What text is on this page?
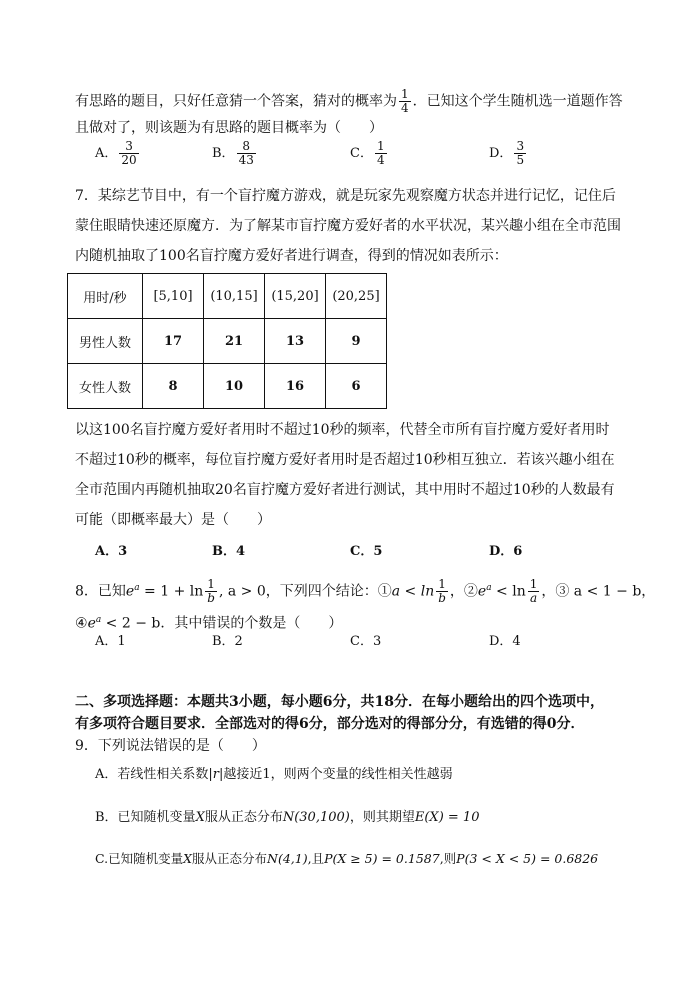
有思路的题目，只好任意猜一个答案，猜对的概率为 $\frac{1}{4}$ ．已知这个学生随机选一道题作答
且做对了，则该题为有思路的题目概率为（　　）
A． $\frac{3}{20}$	B． $\frac{8}{43}$	C． $\frac{1}{4}$	D． $\frac{3}{5}$
7．某综艺节目中，有一个盲拧魔方游戏，就是玩家先观察魔方状态并进行记忆，记住后
蒙住眼睛快速还原魔方．为了解某市盲拧魔方爱好者的水平状况，某兴趣小组在全市范围
内随机抽取了100名盲拧魔方爱好者进行调查，得到的情况如表所示：
用时/秒	[5,10]	(10,15]	(15,20]	(20,25]
男性人数	17	21	13	9
女性人数	8	10	16	6
以这100名盲拧魔方爱好者用时不超过10秒的频率，代替全市所有盲拧魔方爱好者用时
不超过10秒的概率，每位盲拧魔方爱好者用时是否超过10秒相互独立．若该兴趣小组在
全市范围内再随机抽取20名盲拧魔方爱好者进行测试，其中用时不超过10秒的人数最有
可能（即概率最大）是（　　）
A．3	B．4	C．5	D．6
8．已知$e^a = 1 + \ln \frac{1}{b}$ , a > 0，下列四个结论：①a < $\ln \frac{1}{b}$ ，$②e^a < \ln \frac{1}{a}$ ，③ a < 1 − b，
$④e^a < 2 - b$．其中错误的个数是（　　）
A．1	B．2	C．3	D．4
二、多项选择题：本题共3小题，每小题6分，共18分．在每小题给出的四个选项中，
有多项符合题目要求．全部选对的得6分，部分选对的得部分分，有选错的得0分．
9．下列说法错误的是（　　）
A．若线性相关系数|r|越接近1，则两个变量的线性相关性越弱
B．已知随机变量X服从正态分布N(30,100)，则其期望E(X) = 10
C.已知随机变量X服从正态分布N(4,1),且P(X ≥ 5) = 0.1587,则P(3 < X < 5) = 0.6826
